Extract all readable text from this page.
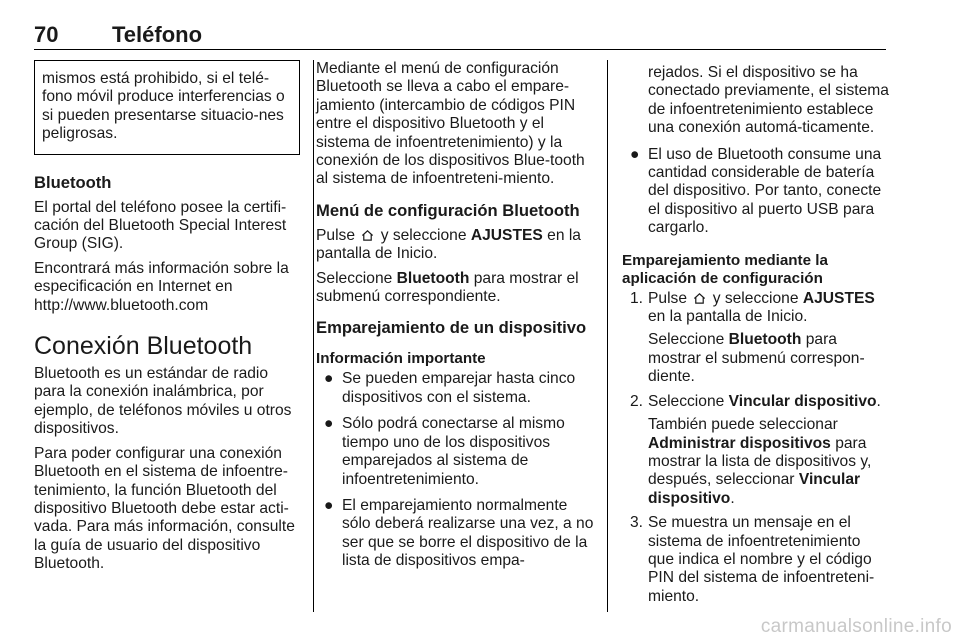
70 Teléfono
mismos está prohibido, si el telé-fono móvil produce interferencias o si pueden presentarse situacio-nes peligrosas.
Bluetooth

El portal del teléfono posee la certifi-cación del Bluetooth Special Interest Group (SIG).

Encontrará más información sobre la especificación en Internet en http://www.bluetooth.com

Conexión Bluetooth

Bluetooth es un estándar de radio para la conexión inalámbrica, por ejemplo, de teléfonos móviles u otros dispositivos.

Para poder configurar una conexión Bluetooth en el sistema de infoentre-tenimiento, la función Bluetooth del dispositivo Bluetooth debe estar acti-vada. Para más información, consulte la guía de usuario del dispositivo Bluetooth.

Mediante el menú de configuración Bluetooth se lleva a cabo el empare-jamiento (intercambio de códigos PIN entre el dispositivo Bluetooth y el sistema de infoentretenimiento) y la conexión de los dispositivos Blue-tooth al sistema de infoentreteni-miento.

Menú de configuración Bluetooth

Pulse y seleccione AJUSTES en la pantalla de Inicio.

Seleccione Bluetooth para mostrar el submenú correspondiente.

Emparejamiento de un dispositivo
Información importante
● Se pueden emparejar hasta cinco dispositivos con el sistema.
● Sólo podrá conectarse al mismo tiempo uno de los dispositivos emparejados al sistema de infoentretenimiento.
● El emparejamiento normalmente sólo deberá realizarse una vez, a no ser que se borre el dispositivo de la lista de dispositivos empa-
rejados. Si el dispositivo se ha conectado previamente, el sistema de infoentretenimiento establece una conexión automá-ticamente.
● El uso de Bluetooth consume una cantidad considerable de batería del dispositivo. Por tanto, conecte el dispositivo al puerto USB para cargarlo.
Emparejamiento mediante la aplicación de configuración
1. Pulse y seleccione AJUSTES en la pantalla de Inicio.

Seleccione Bluetooth para mostrar el submenú correspon-diente.

2. Seleccione Vincular dispositivo.

También puede seleccionar Administrar dispositivos para mostrar la lista de dispositivos y, después, seleccionar Vincular dispositivo.

3. Se muestra un mensaje en el sistema de infoentretenimiento que indica el nombre y el código PIN del sistema de infoentreteni-miento.

carmanualsonline.info
